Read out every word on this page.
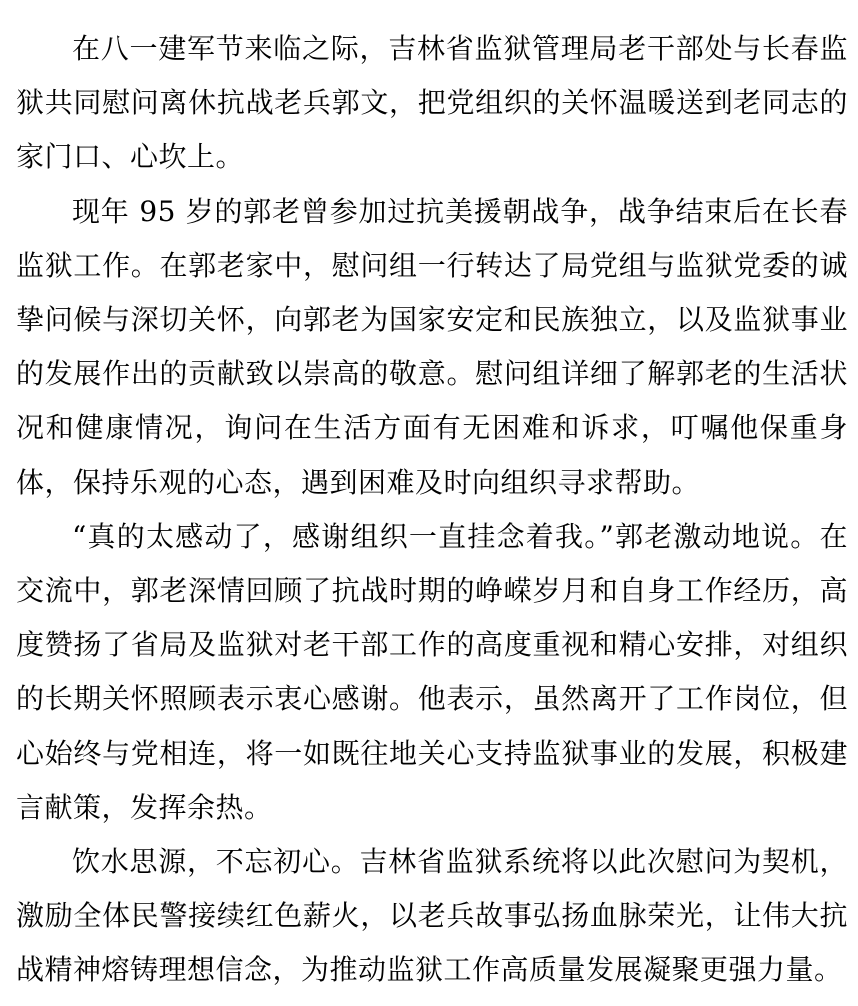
在八一建军节来临之际，吉林省监狱管理局老干部处与长春监狱共同慰问离休抗战老兵郭文，把党组织的关怀温暖送到老同志的家门口、心坎上。

现年 95 岁的郭老曾参加过抗美援朝战争，战争结束后在长春监狱工作。在郭老家中，慰问组一行转达了局党组与监狱党委的诚挚问候与深切关怀，向郭老为国家安定和民族独立，以及监狱事业的发展作出的贡献致以崇高的敬意。慰问组详细了解郭老的生活状况和健康情况，询问在生活方面有无困难和诉求，叮嘱他保重身体，保持乐观的心态，遇到困难及时向组织寻求帮助。

“真的太感动了，感谢组织一直挂念着我。”郭老激动地说。在交流中，郭老深情回顾了抗战时期的峥嵘岁月和自身工作经历，高度赞扬了省局及监狱对老干部工作的高度重视和精心安排，对组织的长期关怀照顾表示衷心感谢。他表示，虽然离开了工作岗位，但心始终与党相连，将一如既往地关心支持监狱事业的发展，积极建言献策，发挥余热。

饮水思源，不忘初心。吉林省监狱系统将以此次慰问为契机，激励全体民警接续红色薪火，以老兵故事弘扬血脉荣光，让伟大抗战精神熔铸理想信念，为推动监狱工作高质量发展凝聚更强力量。
